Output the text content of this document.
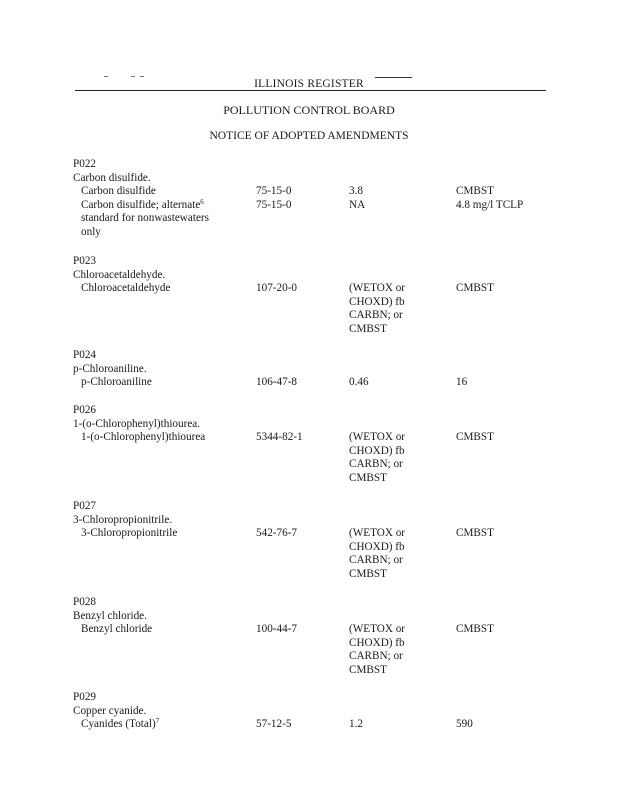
ILLINOIS REGISTER
POLLUTION CONTROL BOARD
NOTICE OF ADOPTED AMENDMENTS
P022
Carbon disulfide.
Carbon disulfide	75-15-0	3.8	CMBST
Carbon disulfide; alternate$^6$	75-15-0	NA	4.8 mg/l TCLP
standard for nonwastewaters
only
P023
Chloroacetaldehyde.
Chloroacetaldehyde	107-20-0	(WETOX or	CMBST
CHOXD) fb
CARBN; or
CMBST
P024
p-Chloroaniline.
p-Chloroaniline	106-47-8	0.46	16
P026
1-(o-Chlorophenyl)thiourea.
1-(o-Chlorophenyl)thiourea	5344-82-1	(WETOX or	CMBST
CHOXD) fb
CARBN; or
CMBST
P027
3-Chloropropionitrile.
3-Chloropropionitrile	542-76-7	(WETOX or	CMBST
CHOXD) fb
CARBN; or
CMBST
P028
Benzyl chloride.
Benzyl chloride	100-44-7	(WETOX or	CMBST
CHOXD) fb
CARBN; or
CMBST
P029
Copper cyanide.
Cyanides (Total)$^7$	57-12-5	1.2	590
